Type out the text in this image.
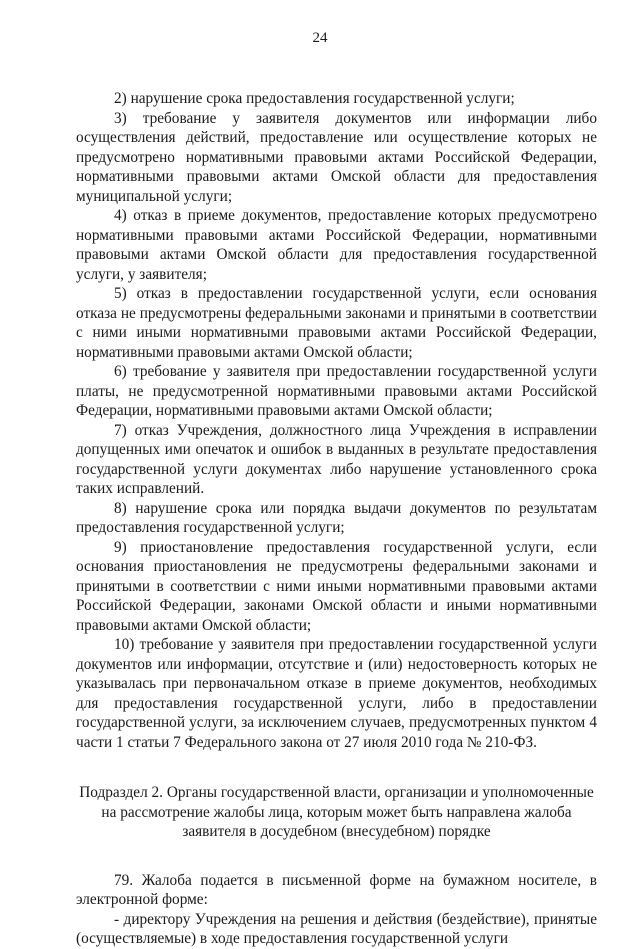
24

2) нарушение срока предоставления государственной услуги;

3) требование у заявителя документов или информации либо осуществления действий, предоставление или осуществление которых не предусмотрено нормативными правовыми актами Российской Федерации, нормативными правовыми актами Омской области для предоставления муниципальной услуги;

4) отказ в приеме документов, предоставление которых предусмотрено нормативными правовыми актами Российской Федерации, нормативными правовыми актами Омской области для предоставления государственной услуги, у заявителя;

5) отказ в предоставлении государственной услуги, если основания отказа не предусмотрены федеральными законами и принятыми в соответствии с ними иными нормативными правовыми актами Российской Федерации, нормативными правовыми актами Омской области;

6) требование у заявителя при предоставлении государственной услуги платы, не предусмотренной нормативными правовыми актами Российской Федерации, нормативными правовыми актами Омской области;

7) отказ Учреждения, должностного лица Учреждения в исправлении допущенных ими опечаток и ошибок в выданных в результате предоставления государственной услуги документах либо нарушение установленного срока таких исправлений.

8) нарушение срока или порядка выдачи документов по результатам предоставления государственной услуги;

9) приостановление предоставления государственной услуги, если основания приостановления не предусмотрены федеральными законами и принятыми в соответствии с ними иными нормативными правовыми актами Российской Федерации, законами Омской области и иными нормативными правовыми актами Омской области;

10) требование у заявителя при предоставлении государственной услуги документов или информации, отсутствие и (или) недостоверность которых не указывалась при первоначальном отказе в приеме документов, необходимых для предоставления государственной услуги, либо в предоставлении государственной услуги, за исключением случаев, предусмотренных пунктом 4 части 1 статьи 7 Федерального закона от 27 июля 2010 года № 210-ФЗ.

Подраздел 2. Органы государственной власти, организации и уполномоченные
на рассмотрение жалобы лица, которым может быть направлена жалоба
заявителя в досудебном (внесудебном) порядке

79. Жалоба подается в письменной форме на бумажном носителе, в электронной форме:

- директору Учреждения на решения и действия (бездействие), принятые (осуществляемые) в ходе предоставления государственной услуги
